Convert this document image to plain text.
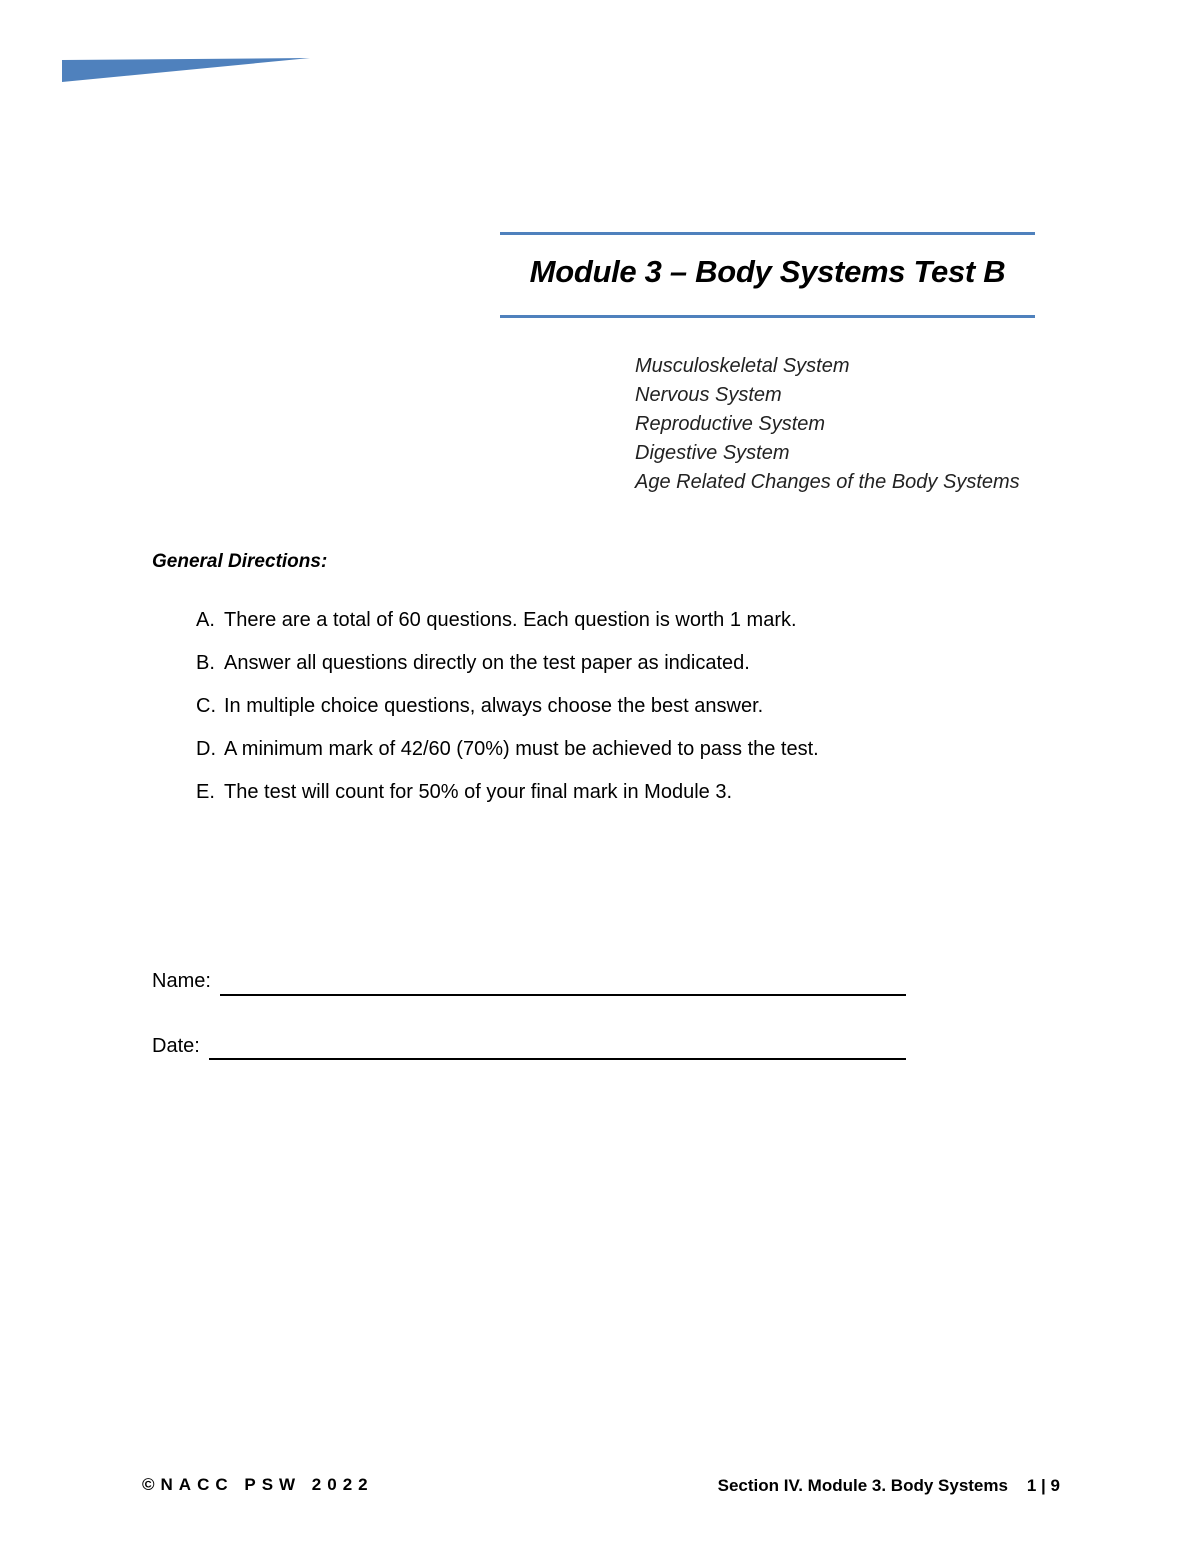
Module 3 – Body Systems Test B
Musculoskeletal System
Nervous System
Reproductive System
Digestive System
Age Related Changes of the Body Systems
General Directions:
A. There are a total of 60 questions. Each question is worth 1 mark.
B. Answer all questions directly on the test paper as indicated.
C. In multiple choice questions, always choose the best answer.
D. A minimum mark of 42/60 (70%) must be achieved to pass the test.
E. The test will count for 50% of your final mark in Module 3.
Name:
Date:
©NACC PSW 2022	Section IV. Module 3. Body Systems 1 | 9
